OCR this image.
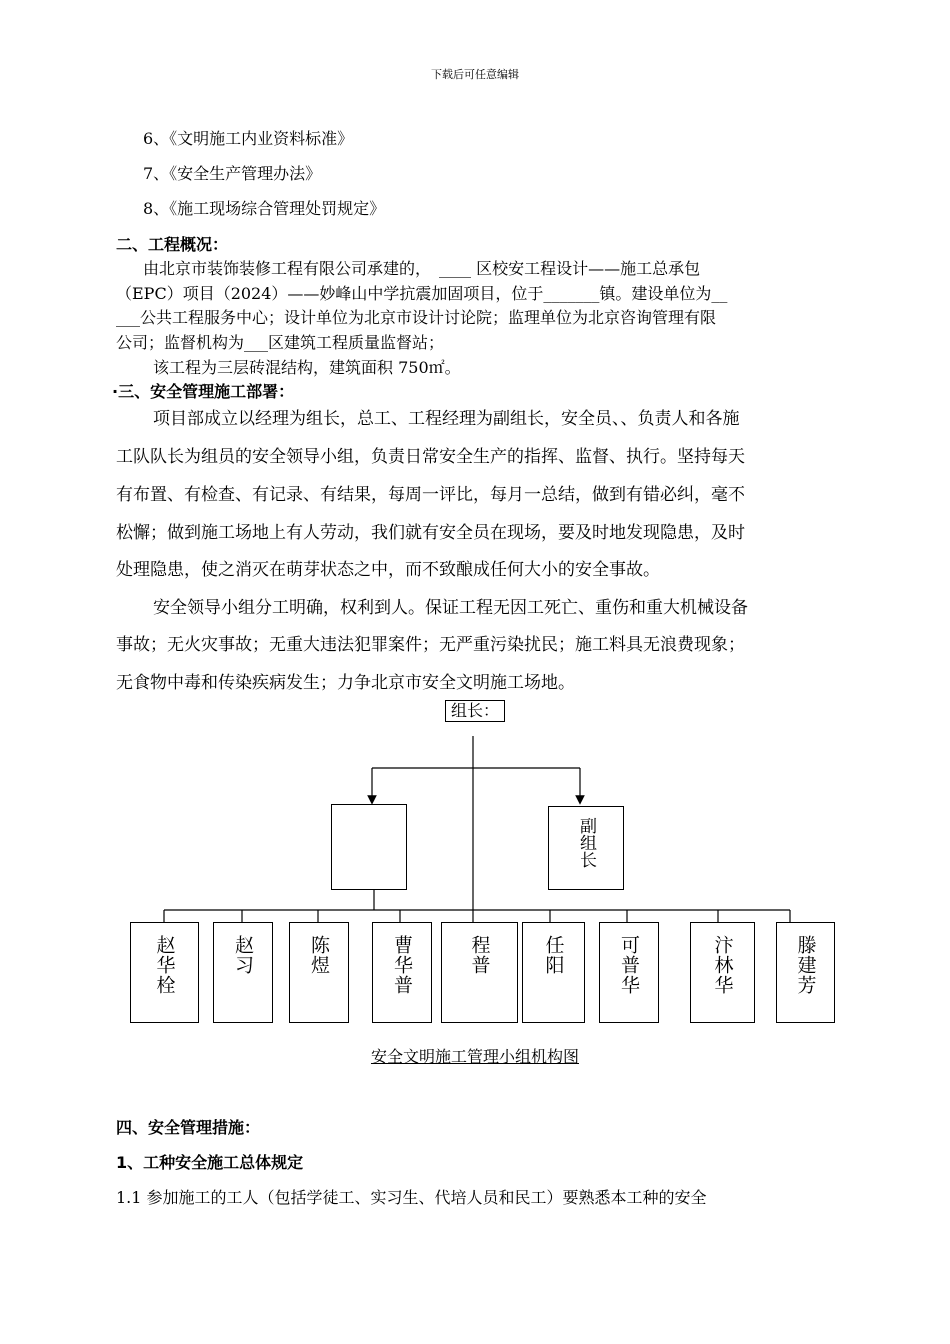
下载后可任意编辑
6、《文明施工内业资料标准》
7、《安全生产管理办法》
8、《施工现场综合管理处罚规定》
二、工程概况：
由北京市装饰装修工程有限公司承建的，　____ 区校安工程设计——施工总承包
（EPC）项目（2024）——妙峰山中学抗震加固项目，位于_______镇。建设单位为__
___公共工程服务中心；设计单位为北京市设计讨论院；监理单位为北京咨询管理有限
公司；监督机构为___区建筑工程质量监督站；
该工程为三层砖混结构，建筑面积 750㎡。
·三、安全管理施工部署：
项目部成立以经理为组长，总工、工程经理为副组长，安全员、、负责人和各施
工队队长为组员的安全领导小组，负责日常安全生产的指挥、监督、执行。坚持每天
有布置、有检查、有记录、有结果，每周一评比，每月一总结，做到有错必纠，毫不
松懈；做到施工场地上有人劳动，我们就有安全员在现场，要及时地发现隐患，及时
处理隐患，使之消灭在萌芽状态之中，而不致酿成任何大小的安全事故。
安全领导小组分工明确，权利到人。保证工程无因工死亡、重伤和重大机械设备
事故；无火灾事故；无重大违法犯罪案件；无严重污染扰民；施工料具无浪费现象；
无食物中毒和传染疾病发生；力争北京市安全文明施工场地。
组长：
副组长
_
赵华栓	赵习	陈煜	曹华普	程普	任阳	可普华	汴林华	滕建芳
安全文明施工管理小组机构图
四、安全管理措施：
1、工种安全施工总体规定
1.1 参加施工的工人（包括学徒工、实习生、代培人员和民工）要熟悉本工种的安全
